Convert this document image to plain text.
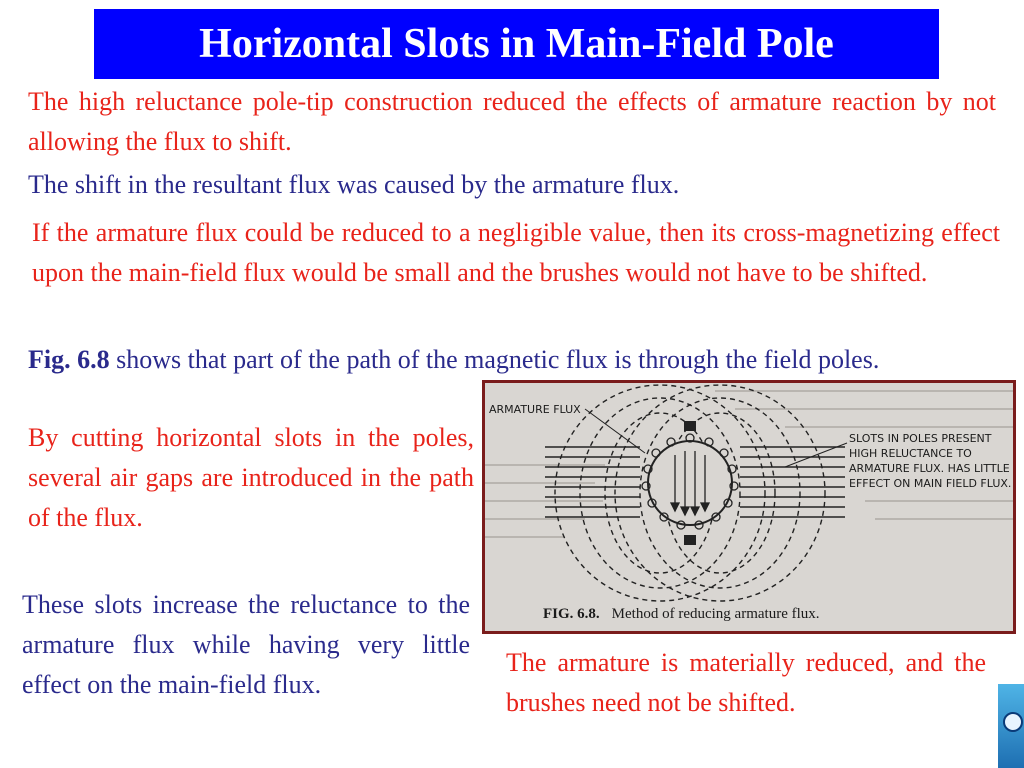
Horizontal Slots in Main-Field Pole

The high reluctance pole-tip construction reduced the effects of armature reaction by not allowing the flux to shift.

The shift in the resultant flux was caused by the armature flux.

If the armature flux could be reduced to a negligible value, then its cross-magnetizing effect upon the main-field flux would be small and the brushes would not have to be shifted.

Fig. 6.8 shows that part of the path of the magnetic flux is through the field poles.

By cutting horizontal slots in the poles, several air gaps are introduced in the path of the flux.

These slots increase the reluctance to the armature flux while having very little effect on the main-field flux.

The armature is materially reduced, and the brushes need not be shifted.

ARMATURE FLUX
SLOTS IN POLES PRESENT HIGH RELUCTANCE TO ARMATURE FLUX. HAS LITTLE EFFECT ON MAIN FIELD FLUX.
FIG. 6.8. Method of reducing armature flux.
